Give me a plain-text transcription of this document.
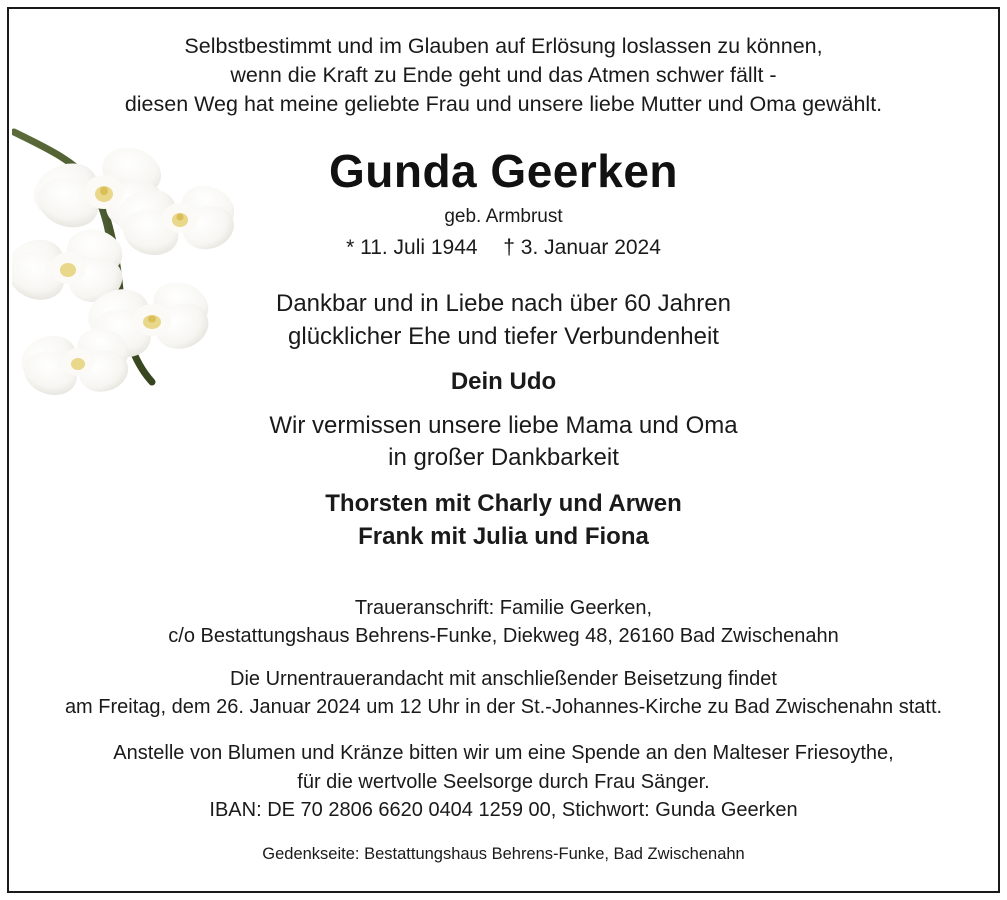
Selbstbestimmt und im Glauben auf Erlösung loslassen zu können,
wenn die Kraft zu Ende geht und das Atmen schwer fällt -
diesen Weg hat meine geliebte Frau und unsere liebe Mutter und Oma gewählt.
Gunda Geerken
geb. Armbrust
* 11. Juli 1944 † 3. Januar 2024
Dankbar und in Liebe nach über 60 Jahren
glücklicher Ehe und tiefer Verbundenheit
Dein Udo
Wir vermissen unsere liebe Mama und Oma
in großer Dankbarkeit
Thorsten mit Charly und Arwen
Frank mit Julia und Fiona
Traueranschrift: Familie Geerken,
c/o Bestattungshaus Behrens-Funke, Diekweg 48, 26160 Bad Zwischenahn
Die Urnentrauerandacht mit anschließender Beisetzung findet
am Freitag, dem 26. Januar 2024 um 12 Uhr in der St.-Johannes-Kirche zu Bad Zwischenahn statt.
Anstelle von Blumen und Kränze bitten wir um eine Spende an den Malteser Friesoythe,
für die wertvolle Seelsorge durch Frau Sänger.
IBAN: DE 70 2806 6620 0404 1259 00, Stichwort: Gunda Geerken
Gedenkseite: Bestattungshaus Behrens-Funke, Bad Zwischenahn
